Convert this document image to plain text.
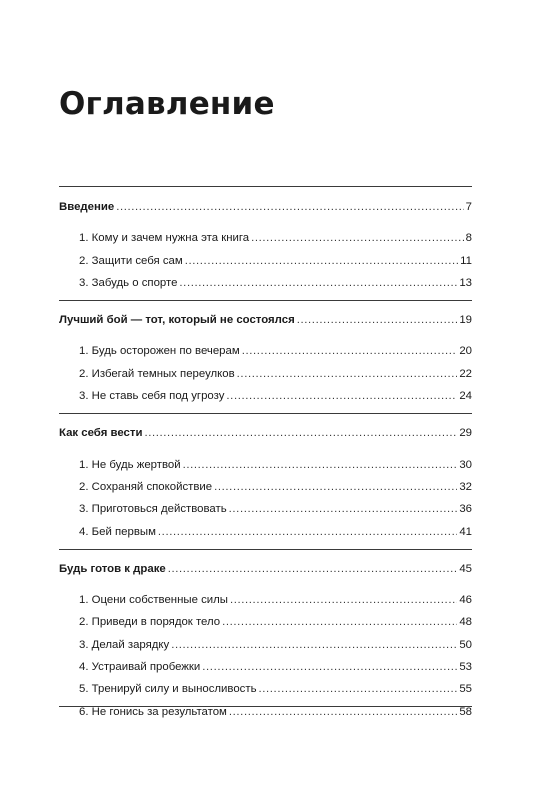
Оглавление
Введение .....	7
1. Кому и зачем нужна эта книга .....	8
2. Защити себя сам .....	11
3. Забудь о спорте .....	13
Лучший бой — тот, который не состоялся .....	19
1. Будь осторожен по вечерам .....	20
2. Избегай темных переулков .....	22
3. Не ставь себя под угрозу .....	24
Как себя вести .....	29
1. Не будь жертвой .....	30
2. Сохраняй спокойствие .....	32
3. Приготовься действовать .....	36
4. Бей первым .....	41
Будь готов к драке .....	45
1. Оцени собственные силы .....	46
2. Приведи в порядок тело .....	48
3. Делай зарядку .....	50
4. Устраивай пробежки .....	53
5. Тренируй силу и выносливость .....	55
6. Не гонись за результатом .....	58
